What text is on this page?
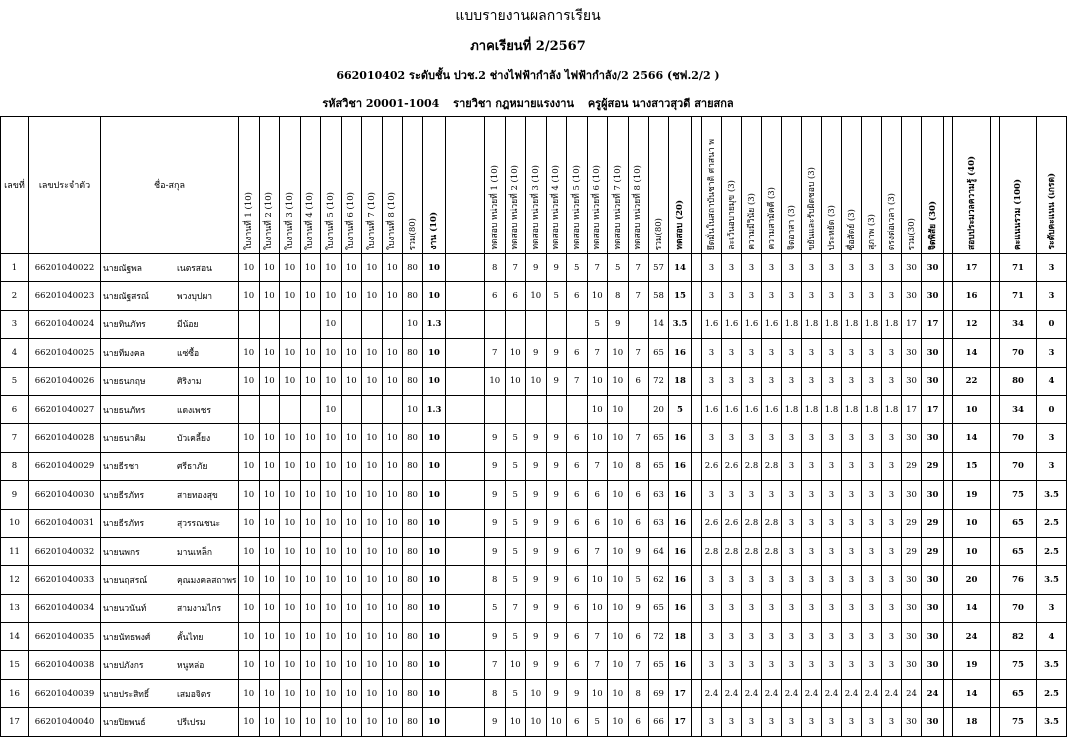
แบบรายงานผลการเรียน
ภาคเรียนที่ 2/2567
662010402 ระดับชั้น ปวช.2 ช่างไฟฟ้ากำลัง ไฟฟ้ากำลัง/2 2566 (ชฟ.2/2 )
รหัสวิชา 20001-1004 รายวิชา กฎหมายแรงงาน ครูผู้สอน นางสาวสุวดี สายสกล
เลขที่	เลขประจำตัว	ชื่อ-สกุล	ใบงานที่ 1 (10)	ใบงานที่ 2 (10)	ใบงานที่ 3 (10)	ใบงานที่ 4 (10)	ใบงานที่ 5 (10)	ใบงานที่ 6 (10)	ใบงานที่ 7 (10)	ใบงานที่ 8 (10)	รวม(80)	งาน (10)		ทดสอบ หน่วยที่ 1 (10)	ทดสอบ หน่วยที่ 2 (10)	ทดสอบ หน่วยที่ 3 (10)	ทดสอบ หน่วยที่ 4 (10)	ทดสอบ หน่วยที่ 5 (10)	ทดสอบ หน่วยที่ 6 (10)	ทดสอบ หน่วยที่ 7 (10)	ทดสอบ หน่วยที่ 8 (10)	รวม(80)	ทดสอบ (20)		ยึดมั่นในสถาบันชาติ ศาสนา พ	ละเว้นอบายมุข (3)	ความมีวินัย (3)	ความสามัคคี (3)	จิตอาสา (3)	ขยันและรับผิดชอบ (3)	ประหยัด (3)	ซื่อสัตย์ (3)	สุภาพ (3)	ตรงต่อเวลา (3)	รวม(30)	จิตพิสัย (30)		สอบประมวลความรู้ (40)		คะแนนรวม (100)	ระดับคะแนน (เกรด)
1	66201040022	นายณัฐพล เนตรสอน	10	10	10	10	10	10	10	10	80	10		8	7	9	9	5	7	5	7	57	14		3	3	3	3	3	3	3	3	3	3	30	30		17		71	3
2	66201040023	นายณัฐสรณ์ พวงบุปผา	10	10	10	10	10	10	10	10	80	10		6	6	10	5	6	10	8	7	58	15		3	3	3	3	3	3	3	3	3	3	30	30		16		71	3
3	66201040024	นายทินภัทร มีน้อย					10				10	1.3							5	9		14	3.5		1.6	1.6	1.6	1.6	1.8	1.8	1.8	1.8	1.8	1.8	17	17		12		34	0
4	66201040025	นายทีมงคล แซ่ซื้อ	10	10	10	10	10	10	10	10	80	10		7	10	9	9	6	7	10	7	65	16		3	3	3	3	3	3	3	3	3	3	30	30		14		70	3
5	66201040026	นายธนกฤษ ศิริงาม	10	10	10	10	10	10	10	10	80	10		10	10	10	9	7	10	10	6	72	18		3	3	3	3	3	3	3	3	3	3	30	30		22		80	4
6	66201040027	นายธนภัทร แดงเพชร					10				10	1.3							10	10		20	5		1.6	1.6	1.6	1.6	1.8	1.8	1.8	1.8	1.8	1.8	17	17		10		34	0
7	66201040028	นายธนาคิม บัวเคลี้ยง	10	10	10	10	10	10	10	10	80	10		9	5	9	9	6	10	10	7	65	16		3	3	3	3	3	3	3	3	3	3	30	30		14		70	3
8	66201040029	นายธีรชา ศรีธาภัย	10	10	10	10	10	10	10	10	80	10		9	5	9	9	6	7	10	8	65	16		2.6	2.6	2.8	2.8	3	3	3	3	3	3	29	29		15		70	3
9	66201040030	นายธีรภัทร สายทองสุข	10	10	10	10	10	10	10	10	80	10		9	5	9	9	6	6	10	6	63	16		3	3	3	3	3	3	3	3	3	3	30	30		19		75	3.5
10	66201040031	นายธีรภัทร สุวรรณชนะ	10	10	10	10	10	10	10	10	80	10		9	5	9	9	6	6	10	6	63	16		2.6	2.6	2.8	2.8	3	3	3	3	3	3	29	29		10		65	2.5
11	66201040032	นายนพกร มานเหล็ก	10	10	10	10	10	10	10	10	80	10		9	5	9	9	6	7	10	9	64	16		2.8	2.8	2.8	2.8	3	3	3	3	3	3	29	29		10		65	2.5
12	66201040033	นายนฤสรณ์ คุณมงคลสถาพร	10	10	10	10	10	10	10	10	80	10		8	5	9	9	6	10	10	5	62	16		3	3	3	3	3	3	3	3	3	3	30	30		20		76	3.5
13	66201040034	นายนวนันท์ สามงามไกร	10	10	10	10	10	10	10	10	80	10		5	7	9	9	6	10	10	9	65	16		3	3	3	3	3	3	3	3	3	3	30	30		14		70	3
14	66201040035	นายนัทธพงศ์ คั้นไทย	10	10	10	10	10	10	10	10	80	10		9	5	9	9	6	7	10	6	72	18		3	3	3	3	3	3	3	3	3	3	30	30		24		82	4
15	66201040038	นายปภังกร หนูหล่อ	10	10	10	10	10	10	10	10	80	10		7	10	9	9	6	7	10	7	65	16		3	3	3	3	3	3	3	3	3	3	30	30		19		75	3.5
16	66201040039	นายประสิทธิ์ เสมอจิตร	10	10	10	10	10	10	10	10	80	10		8	5	10	9	9	10	10	8	69	17		2.4	2.4	2.4	2.4	2.4	2.4	2.4	2.4	2.4	2.4	24	24		14		65	2.5
17	66201040040	นายปิยพนธ์ ปรีเปรม	10	10	10	10	10	10	10	10	80	10		9	10	10	10	6	5	10	6	66	17		3	3	3	3	3	3	3	3	3	3	30	30		18		75	3.5
